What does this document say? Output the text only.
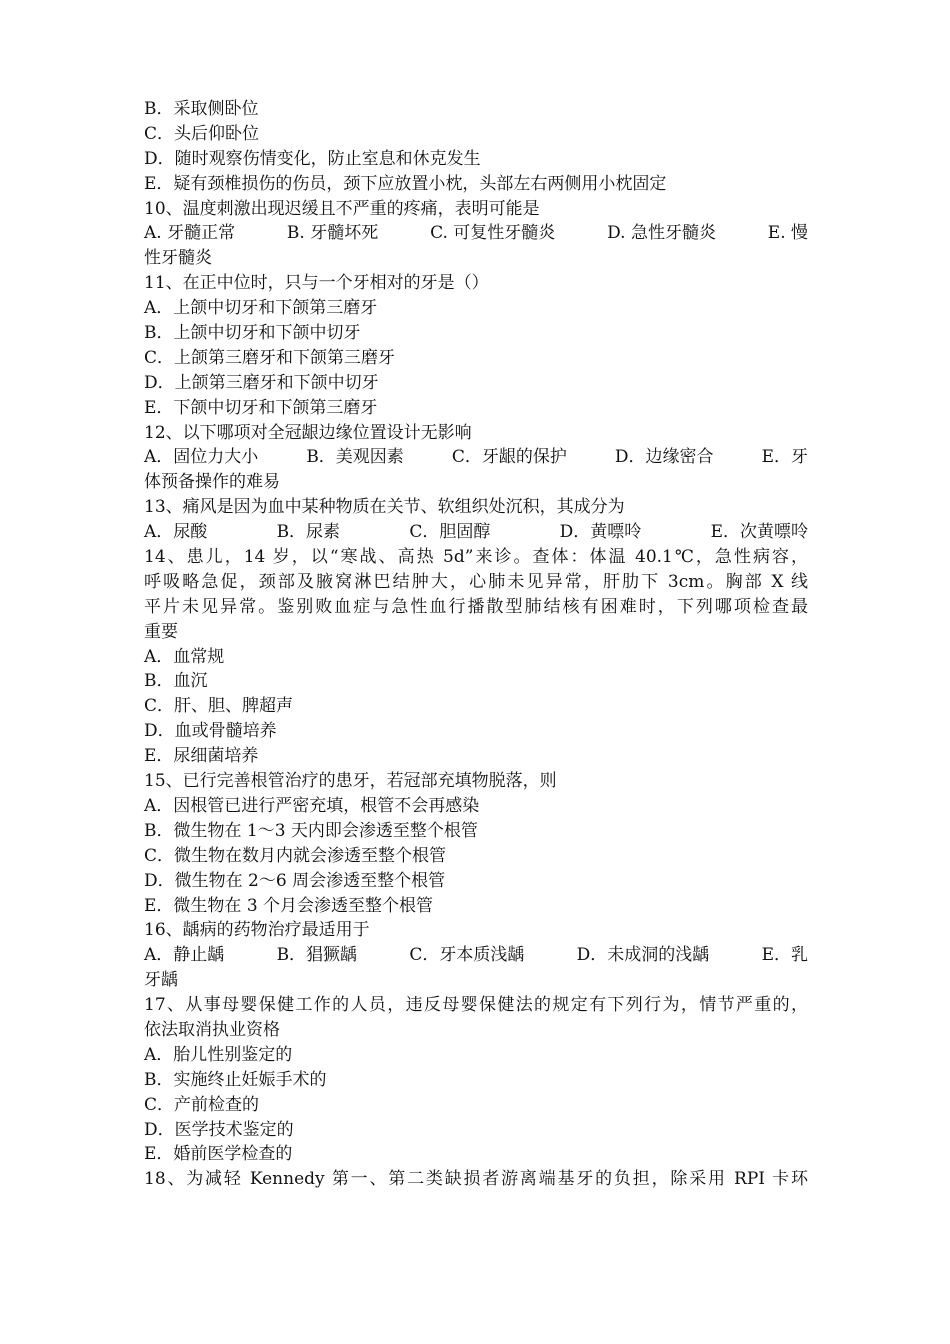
B．采取侧卧位
C．头后仰卧位
D．随时观察伤情变化，防止室息和休克发生
E．疑有颈椎损伤的伤员，颈下应放置小枕，头部左右两侧用小枕固定
10、温度刺激出现迟缓且不严重的疼痛，表明可能是
A. 牙髓正常	B. 牙髓坏死	C. 可复性牙髓炎	D. 急性牙髓炎	E. 慢
性牙髓炎
11、在正中位时，只与一个牙相对的牙是（）
A．上颌中切牙和下颌第三磨牙
B．上颌中切牙和下颌中切牙
C．上颌第三磨牙和下颌第三磨牙
D．上颌第三磨牙和下颌中切牙
E．下颌中切牙和下颌第三磨牙
12、以下哪项对全冠龈边缘位置设计无影响
A．固位力大小	B．美观因素	C．牙龈的保护	D．边缘密合	E．牙
体预备操作的难易
13、痛风是因为血中某种物质在关节、软组织处沉积，其成分为
A．尿酸	B．尿素	C．胆固醇	D．黄嘌呤	E．次黄嘌呤
14、患儿，14 岁，以“寒战、高热 5d”来诊。查体：体温 40.1℃，急性病容，
呼吸略急促，颈部及腋窝淋巴结肿大，心肺未见异常，肝肋下 3cm。胸部 X 线
平片未见异常。鉴别败血症与急性血行播散型肺结核有困难时，下列哪项检查最
重要
A．血常规
B．血沉
C．肝、胆、脾超声
D．血或骨髓培养
E．尿细菌培养
15、已行完善根管治疗的患牙，若冠部充填物脱落，则
A．因根管已进行严密充填，根管不会再感染
B．微生物在 1～3 天内即会渗透至整个根管
C．微生物在数月内就会渗透至整个根管
D．微生物在 2～6 周会渗透至整个根管
E．微生物在 3 个月会渗透至整个根管
16、龋病的药物治疗最适用于
A．静止龋	B．猖獗龋	C．牙本质浅龋	D．未成洞的浅龋	E．乳
牙龋
17、从事母婴保健工作的人员，违反母婴保健法的规定有下列行为，情节严重的，
依法取消执业资格
A．胎儿性别鉴定的
B．实施终止妊娠手术的
C．产前检查的
D．医学技术鉴定的
E．婚前医学检查的
18、为减轻 Kennedy 第一、第二类缺损者游离端基牙的负担，除采用 RPI 卡环
